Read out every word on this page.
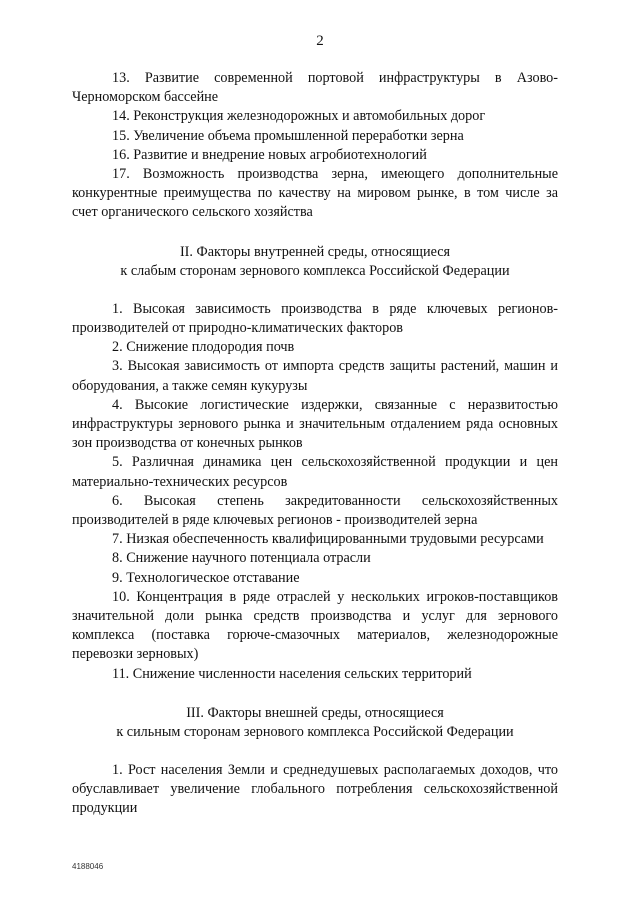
2

13. Развитие современной портовой инфраструктуры в Азово-Черноморском бассейне

14. Реконструкция железнодорожных и автомобильных дорог

15. Увеличение объема промышленной переработки зерна

16. Развитие и внедрение новых агробиотехнологий

17. Возможность производства зерна, имеющего дополнительные конкурентные преимущества по качеству на мировом рынке, в том числе за счет органического сельского хозяйства

II. Факторы внутренней среды, относящиеся
к слабым сторонам зернового комплекса Российской Федерации

1. Высокая зависимость производства в ряде ключевых регионов-производителей от природно-климатических факторов

2. Снижение плодородия почв

3. Высокая зависимость от импорта средств защиты растений, машин и оборудования, а также семян кукурузы

4. Высокие логистические издержки, связанные с неразвитостью инфраструктуры зернового рынка и значительным отдалением ряда основных зон производства от конечных рынков

5. Различная динамика цен сельскохозяйственной продукции и цен материально-технических ресурсов

6. Высокая степень закредитованности сельскохозяйственных производителей в ряде ключевых регионов - производителей зерна

7. Низкая обеспеченность квалифицированными трудовыми ресурсами

8. Снижение научного потенциала отрасли

9. Технологическое отставание

10. Концентрация в ряде отраслей у нескольких игроков-поставщиков значительной доли рынка средств производства и услуг для зернового комплекса (поставка горюче-смазочных материалов, железнодорожные перевозки зерновых)

11. Снижение численности населения сельских территорий

III. Факторы внешней среды, относящиеся
к сильным сторонам зернового комплекса Российской Федерации

1. Рост населения Земли и среднедушевых располагаемых доходов, что обуславливает увеличение глобального потребления сельскохозяйственной продукции

4188046
